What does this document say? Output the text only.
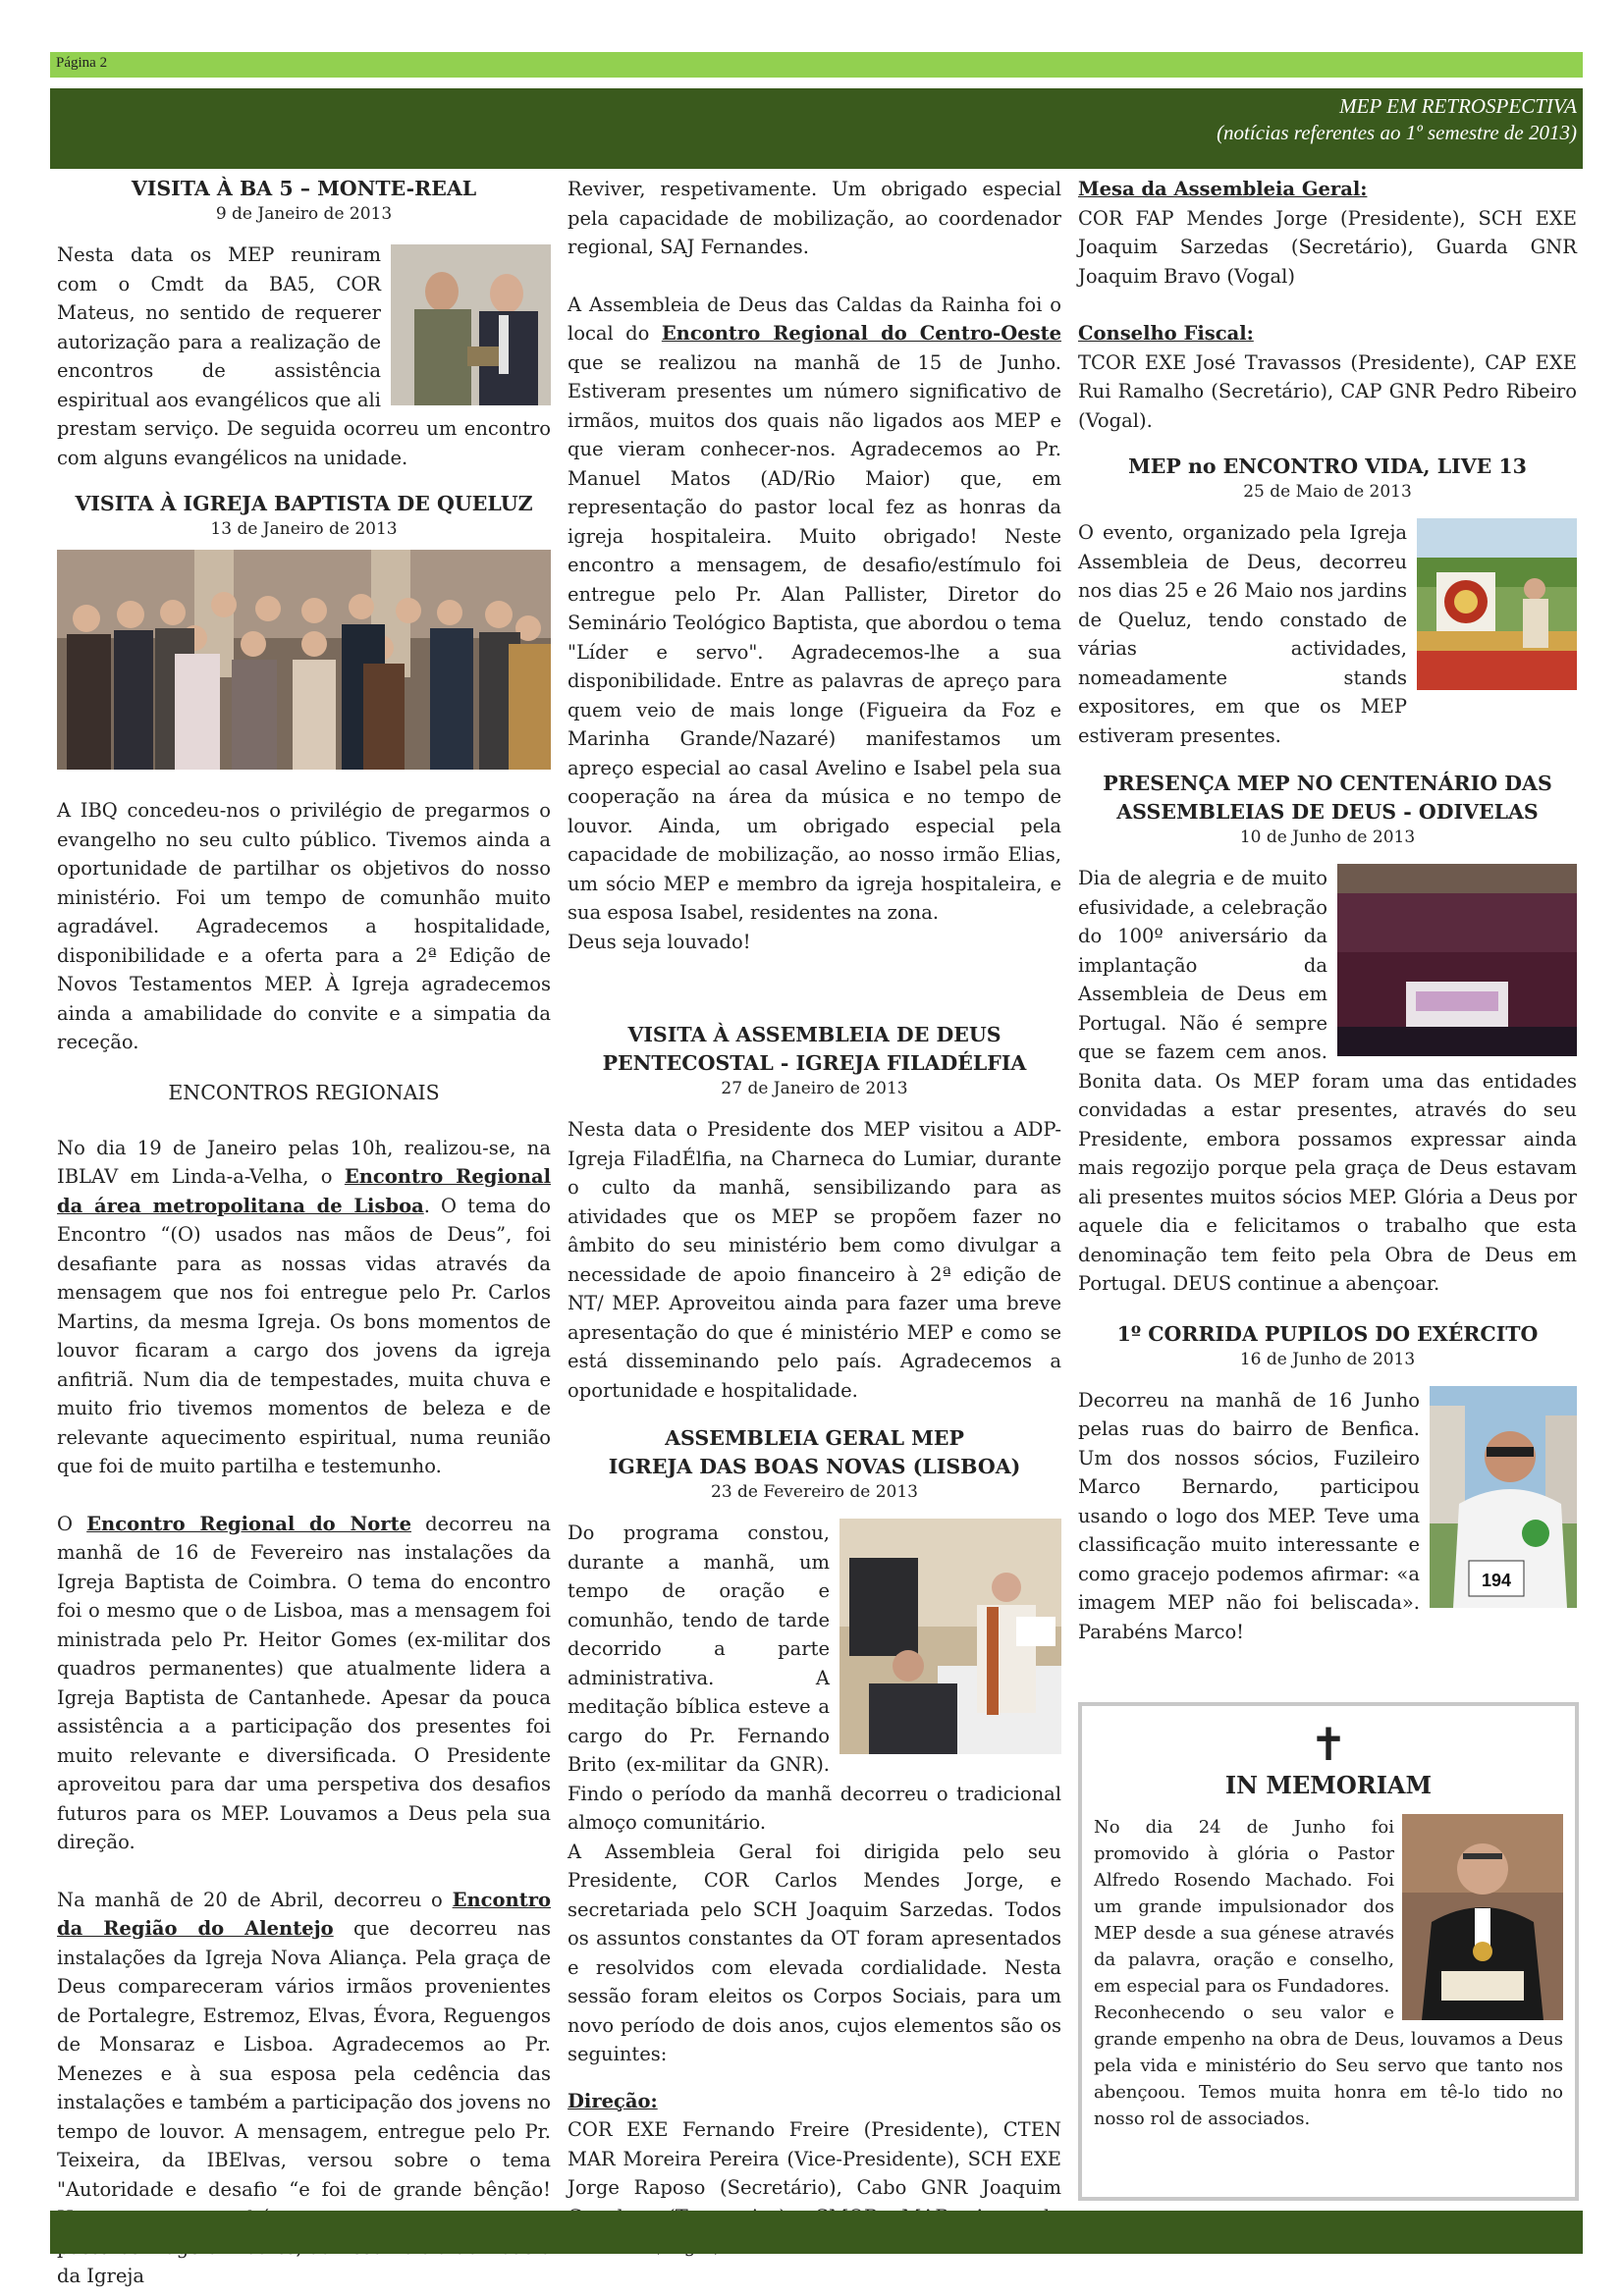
Página 2
MEP EM RETROSPECTIVA
(notícias referentes ao 1º semestre de 2013)
VISITA À BA 5 – MONTE-REAL
9 de Janeiro de 2013

Nesta data os MEP reuniram com o Cmdt da BA5, COR Mateus, no sentido de requerer autorização para a realização de encontros de assistência espiritual aos evangélicos que ali prestam serviço. De seguida ocorreu um encontro com alguns evangélicos na unidade.

VISITA À IGREJA BAPTISTA DE QUELUZ
13 de Janeiro de 2013

A IBQ concedeu-nos o privilégio de pregarmos o evangelho no seu culto público. Tivemos ainda a oportunidade de partilhar os objetivos do nosso ministério. Foi um tempo de comunhão muito agradável. Agradecemos a hospitalidade, disponibilidade e a oferta para a 2ª Edição de Novos Testamentos MEP. À Igreja agradecemos ainda a amabilidade do convite e a simpatia da receção.

ENCONTROS REGIONAIS

No dia 19 de Janeiro pelas 10h, realizou-se, na IBLAV em Linda-a-Velha, o Encontro Regional da área metropolitana de Lisboa. O tema do Encontro “(O) usados nas mãos de Deus”, foi desafiante para as nossas vidas através da mensagem que nos foi entregue pelo Pr. Carlos Martins, da mesma Igreja. Os bons momentos de louvor ficaram a cargo dos jovens da igreja anfitriã. Num dia de tempestades, muita chuva e muito frio tivemos momentos de beleza e de relevante aquecimento espiritual, numa reunião que foi de muito partilha e testemunho.

O Encontro Regional do Norte decorreu na manhã de 16 de Fevereiro nas instalações da Igreja Baptista de Coimbra. O tema do encontro foi o mesmo que o de Lisboa, mas a mensagem foi ministrada pelo Pr. Heitor Gomes (ex-militar dos quadros permanentes) que atualmente lidera a Igreja Baptista de Cantanhede. Apesar da pouca assistência a a participação dos presentes foi muito relevante e diversificada. O Presidente aproveitou para dar uma perspetiva dos desafios futuros para os MEP. Louvamos a Deus pela sua direção.

Na manhã de 20 de Abril, decorreu o Encontro da Região do Alentejo que decorreu nas instalações da Igreja Nova Aliança. Pela graça de Deus compareceram vários irmãos provenientes de Portalegre, Estremoz, Elvas, Évora, Reguengos de Monsaraz e Lisboa. Agradecemos ao Pr. Menezes e à sua esposa pela cedência das instalações e também a participação dos jovens no tempo de louvor. A mensagem, entregue pelo Pr. Teixeira, da IBElvas, versou sobre o tema "Autoridade e desafio “e foi de grande bênção! da Igreja

Reviver, respetivamente. Um obrigado especial pela capacidade de mobilização, ao coordenador regional, SAJ Fernandes.

A Assembleia de Deus das Caldas da Rainha foi o local do Encontro Regional do Centro-Oeste que se realizou na manhã de 15 de Junho. Estiveram presentes um número significativo de irmãos, muitos dos quais não ligados aos MEP e que vieram conhecer-nos. Agradecemos ao Pr. Manuel Matos (AD/Rio Maior) que, em representação do pastor local fez as honras da igreja hospitaleira. Muito obrigado! Neste encontro a mensagem, de desafio/estímulo foi entregue pelo Pr. Alan Pallister, Diretor do Seminário Teológico Baptista, que abordou o tema "Líder e servo". Agradecemos-lhe a sua disponibilidade. Entre as palavras de apreço para quem veio de mais longe (Figueira da Foz e Marinha Grande/Nazaré) manifestamos um apreço especial ao casal Avelino e Isabel pela sua cooperação na área da música e no tempo de louvor. Ainda, um obrigado especial pela capacidade de mobilização, ao nosso irmão Elias, um sócio MEP e membro da igreja hospitaleira, e sua esposa Isabel, residentes na zona.

Deus seja louvado!

VISITA À ASSEMBLEIA DE DEUS
PENTECOSTAL - IGREJA FILADÉLFIA
27 de Janeiro de 2013

Nesta data o Presidente dos MEP visitou a ADP- Igreja FiladÉlfia, na Charneca do Lumiar, durante o culto da manhã, sensibilizando para as atividades que os MEP se propõem fazer no âmbito do seu ministério bem como divulgar a necessidade de apoio financeiro à 2ª edição de NT/ MEP. Aproveitou ainda para fazer uma breve apresentação do que é ministério MEP e como se está disseminando pelo país. Agradecemos a oportunidade e hospitalidade.

ASSEMBLEIA GERAL MEP
IGREJA DAS BOAS NOVAS (LISBOA)
23 de Fevereiro de 2013

Do programa constou, durante a manhã, um tempo de oração e comunhão, tendo de tarde decorrido a parte administrativa. A meditação bíblica esteve a cargo do Pr. Fernando Brito (ex-militar da GNR). Findo o período da manhã decorreu o tradicional almoço comunitário.

A Assembleia Geral foi dirigida pelo seu Presidente, COR Carlos Mendes Jorge, e secretariada pelo SCH Joaquim Sarzedas. Todos os assuntos constantes da OT foram apresentados e resolvidos com elevada cordialidade. Nesta sessão foram eleitos os Corpos Sociais, para um novo período de dois anos, cujos elementos são os seguintes:

Direção:

COR EXE Fernando Freire (Presidente), CTEN MAR Moreira Pereira (Vice-Presidente), SCH EXE Jorge Raposo (Secretário), Cabo GNR Joaquim

Mesa da Assembleia Geral:

COR FAP Mendes Jorge (Presidente), SCH EXE Joaquim Sarzedas (Secretário), Guarda GNR Joaquim Bravo (Vogal)

Conselho Fiscal:

TCOR EXE José Travassos (Presidente), CAP EXE Rui Ramalho (Secretário), CAP GNR Pedro Ribeiro (Vogal).

MEP no ENCONTRO VIDA, LIVE 13
25 de Maio de 2013

O evento, organizado pela Igreja Assembleia de Deus, decorreu nos dias 25 e 26 Maio nos jardins de Queluz, tendo constado de várias actividades, nomeadamente stands expositores, em que os MEP estiveram presentes.

PRESENÇA MEP NO CENTENÁRIO DAS
ASSEMBLEIAS DE DEUS - ODIVELAS
10 de Junho de 2013

Dia de alegria e de muito efusividade, a celebração do 100º aniversário da implantação da Assembleia de Deus em Portugal. Não é sempre que se fazem cem anos. Bonita data. Os MEP foram uma das entidades convidadas a estar presentes, através do seu Presidente, embora possamos expressar ainda mais regozijo porque pela graça de Deus estavam ali presentes muitos sócios MEP. Glória a Deus por aquele dia e felicitamos o trabalho que esta denominação tem feito pela Obra de Deus em Portugal. DEUS continue a abençoar.

1º CORRIDA PUPILOS DO EXÉRCITO
16 de Junho de 2013
194

Decorreu na manhã de 16 Junho pelas ruas do bairro de Benfica. Um dos nossos sócios, Fuzileiro Marco Bernardo, participou usando o logo dos MEP. Teve uma classificação muito interessante e como gracejo podemos afirmar: «a imagem MEP não foi beliscada». Parabéns Marco!

✝
IN MEMORIAM

No dia 24 de Junho foi promovido à glória o Pastor Alfredo Rosendo Machado. Foi um grande impulsionador dos MEP desde a sua génese através da palavra, oração e conselho, em especial para os Fundadores.

Reconhecendo o seu valor e grande empenho na obra de Deus, louvamos a Deus pela vida e ministério do Seu servo que tanto nos abençoou. Temos muita honra em tê-lo tido no nosso rol de associados.
